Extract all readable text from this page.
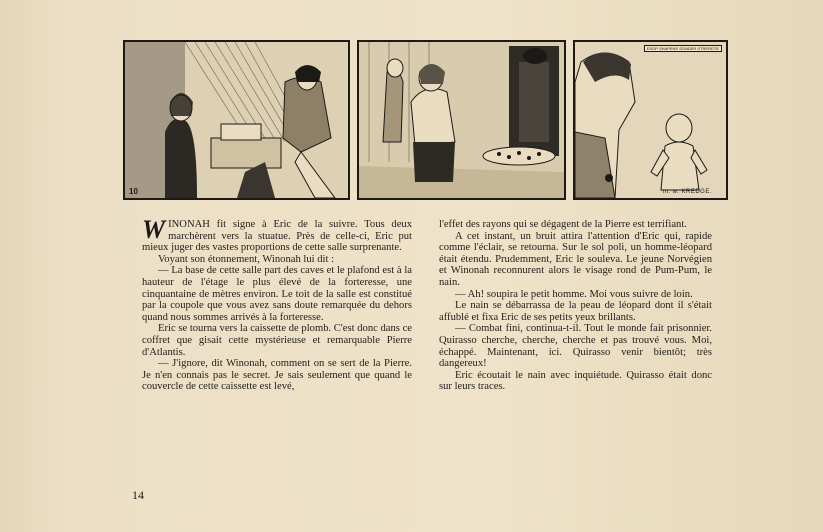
10
ESOP SHAPENS SONDER STRERDTE
m. w. KREDGE.

WINONAH fit signe à Eric de la suivre. Tous deux marchèrent vers la stuatue. Près de celle-ci, Eric put mieux juger des vastes proportions de cette salle surprenante.

Voyant son étonnement, Winonah lui dit :

— La base de cette salle part des caves et le plafond est à la hauteur de l'étage le plus élevé de la forteresse, une cinquantaine de mètres environ. Le toit de la salle est constitué par la coupole que vous avez sans doute remarquée du dehors quand nous sommes arrivés à la forteresse.

Eric se tourna vers la caissette de plomb. C'est donc dans ce coffret que gisait cette mystérieuse et remarquable Pierre d'Atlantis.

— J'ignore, dit Winonah, comment on se sert de la Pierre. Je n'en connais pas le secret. Je sais seulement que quand le couvercle de cette caissette est levé,

l'effet des rayons qui se dégagent de la Pierre est terrifiant.

A cet instant, un bruit attira l'attention d'Eric qui, rapide comme l'éclair, se retourna. Sur le sol poli, un homme-léopard était étendu. Prudemment, Eric le souleva. Le jeune Norvégien et Winonah reconnurent alors le visage rond de Pum-Pum, le nain.

— Ah! soupira le petit homme. Moi vous suivre de loin.

Le nain se débarrassa de la peau de léopard dont il s'était affublé et fixa Eric de ses petits yeux brillants.

— Combat fini, continua-t-il. Tout le monde fait prisonnier. Quirasso cherche, cherche, cherche et pas trouvé vous. Moi, échappé. Maintenant, ici. Quirasso venir bientôt; très dangereux!

Eric écoutait le nain avec inquiétude. Quirasso était donc sur leurs traces.

14
